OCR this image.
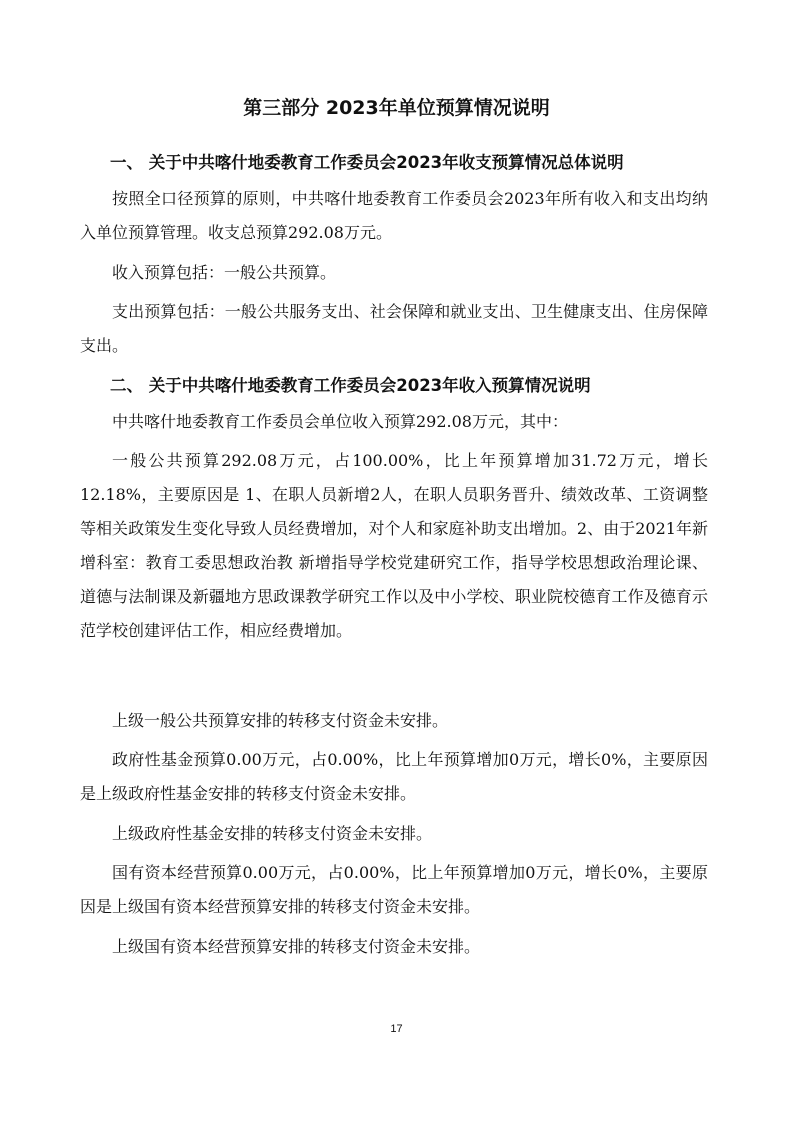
第三部分 2023年单位预算情况说明
一、 关于中共喀什地委教育工作委员会2023年收支预算情况总体说明

按照全口径预算的原则，中共喀什地委教育工作委员会2023年所有收入和支出均纳入单位预算管理。收支总预算292.08万元。

收入预算包括：一般公共预算。

支出预算包括：一般公共服务支出、社会保障和就业支出、卫生健康支出、住房保障支出。

二、 关于中共喀什地委教育工作委员会2023年收入预算情况说明

中共喀什地委教育工作委员会单位收入预算292.08万元，其中：

一般公共预算292.08万元，占100.00%，比上年预算增加31.72万元，增长12.18%，主要原因是 1、在职人员新增2人，在职人员职务晋升、绩效改革、工资调整等相关政策发生变化导致人员经费增加，对个人和家庭补助支出增加。2、由于2021年新增科室：教育工委思想政治教 新增指导学校党建研究工作，指导学校思想政治理论课、道德与法制课及新疆地方思政课教学研究工作以及中小学校、职业院校德育工作及德育示范学校创建评估工作，相应经费增加。

上级一般公共预算安排的转移支付资金未安排。

政府性基金预算0.00万元，占0.00%，比上年预算增加0万元，增长0%，主要原因是上级政府性基金安排的转移支付资金未安排。

上级政府性基金安排的转移支付资金未安排。

国有资本经营预算0.00万元，占0.00%，比上年预算增加0万元，增长0%，主要原因是上级国有资本经营预算安排的转移支付资金未安排。

上级国有资本经营预算安排的转移支付资金未安排。

17
